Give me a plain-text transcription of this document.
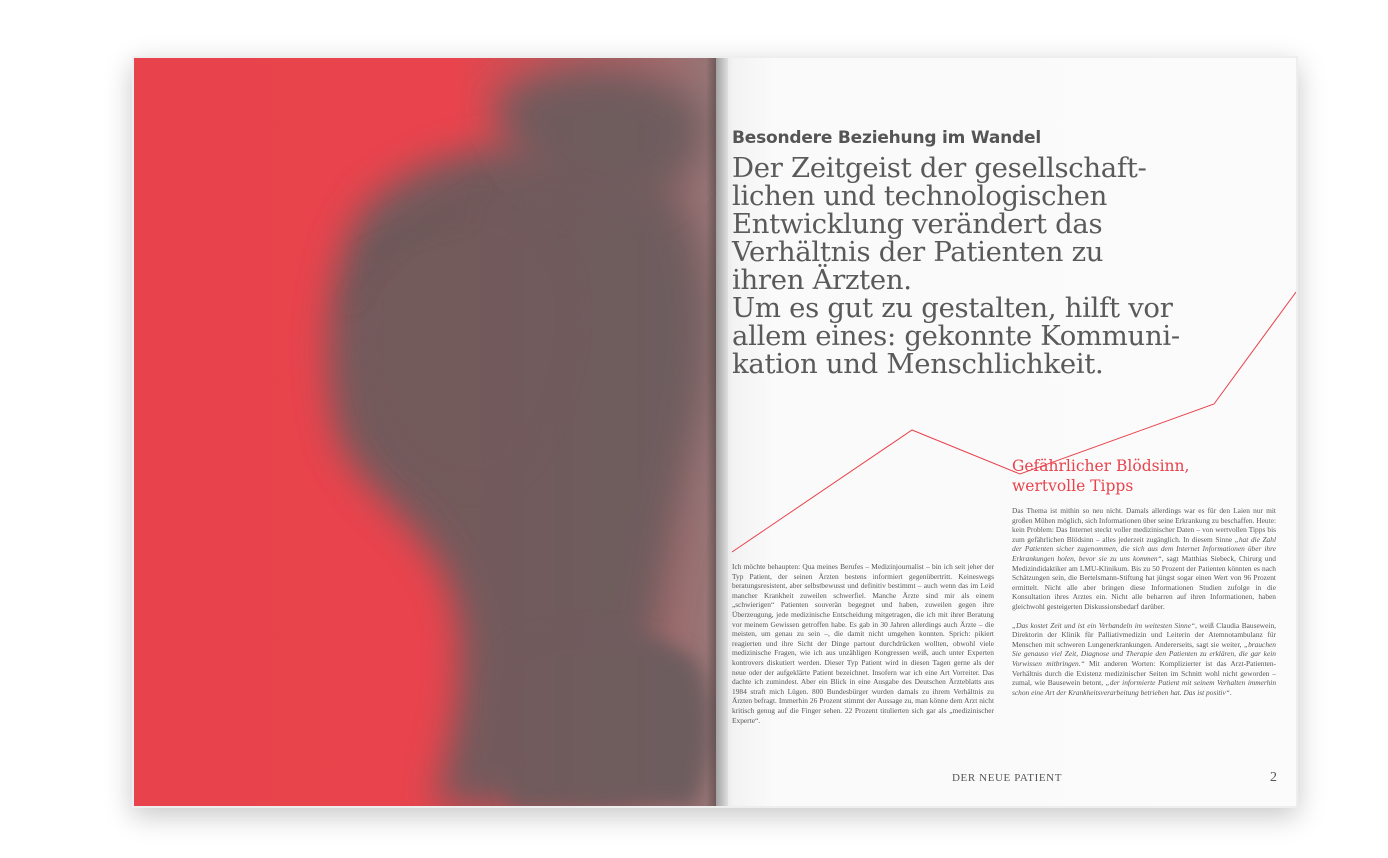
Besondere Beziehung im Wandel
Der Zeitgeist der gesellschaft-
lichen und technologischen
Entwicklung verändert das
Verhältnis der Patienten zu
ihren Ärzten.
Um es gut zu gestalten, hilft vor
allem eines: gekonnte Kommuni-
kation und Menschlichkeit.
Gefährlicher Blödsinn,
wertvolle Tipps

Ich möchte behaupten: Qua meines Berufes – Medizinjournalist – bin ich seit jeher der Typ Patient, der seinen Ärzten bestens informiert gegenübertritt. Keineswegs beratungsresistent, aber selbstbewusst und definitiv bestimmt – auch wenn das im Leid mancher Krankheit zuweilen schwerfiel. Manche Ärzte sind mir als einem „schwierigen“ Patienten souverän begegnet und haben, zuweilen gegen ihre Überzeugung, jede medizinische Entscheidung mitgetragen, die ich mit ihrer Beratung vor meinem Gewissen getroffen habe. Es gab in 30 Jahren allerdings auch Ärzte – die meisten, um genau zu sein –, die damit nicht umgehen konnten. Sprich: pikiert reagierten und ihre Sicht der Dinge partout durchdrücken wollten, obwohl viele medizinische Fragen, wie ich aus unzähligen Kongressen weiß, auch unter Experten kontrovers diskutiert werden. Dieser Typ Patient wird in diesen Tagen gerne als der neue oder der aufgeklärte Patient bezeichnet. Insofern war ich eine Art Vorreiter. Das dachte ich zumindest. Aber ein Blick in eine Ausgabe des Deutschen Ärzteblatts aus 1984 straft mich Lügen. 800 Bundesbürger wurden damals zu ihrem Verhältnis zu Ärzten befragt. Immerhin 26 Prozent stimmt der Aussage zu, man könne dem Arzt nicht kritisch genug auf die Finger sehen. 22 Prozent titulierten sich gar als „medizinischer Experte“.

Das Thema ist mithin so neu nicht. Damals allerdings war es für den Laien nur mit großen Mühen möglich, sich Informationen über seine Erkrankung zu beschaffen. Heute: kein Problem: Das Internet steckt voller medizinischer Daten – von wertvollen Tipps bis zum gefährlichen Blödsinn – alles jederzeit zugänglich. In diesem Sinne „hat die Zahl der Patienten sicher zugenommen, die sich aus dem Internet Informationen über ihre Erkrankungen holen, bevor sie zu uns kommen“, sagt Matthias Siebeck, Chirurg und Medizindidaktiker am LMU-Klinikum. Bis zu 50 Prozent der Patienten könnten es nach Schätzungen sein, die Bertelsmann-Stiftung hat jüngst sogar einen Wert von 96 Prozent ermittelt. Nicht alle aber bringen diese Informationen Studien zufolge in die Konsultation ihres Arztes ein. Nicht alle beharren auf ihren Informationen, haben gleichwohl gesteigerten Diskussionsbedarf darüber.

„Das kostet Zeit und ist ein Verhandeln im weitesten Sinne“, weiß Claudia Bausewein, Direktorin der Klinik für Palliativmedizin und Leiterin der Atemnotambulanz für Menschen mit schweren Lungenerkrankungen. Andererseits, sagt sie weiter, „brauchen Sie genauso viel Zeit, Diagnose und Therapie den Patienten zu erklären, die gar kein Vorwissen mitbringen.“ Mit anderen Worten: Komplizierter ist das Arzt-Patienten-Verhältnis durch die Existenz medizinischer Seiten im Schnitt wohl nicht geworden – zumal, wie Bausewein betont, „der informierte Patient mit seinem Verhalten immerhin schon eine Art der Krankheitsverarbeitung betrieben hat. Das ist positiv“.

DER NEUE PATIENT	2
